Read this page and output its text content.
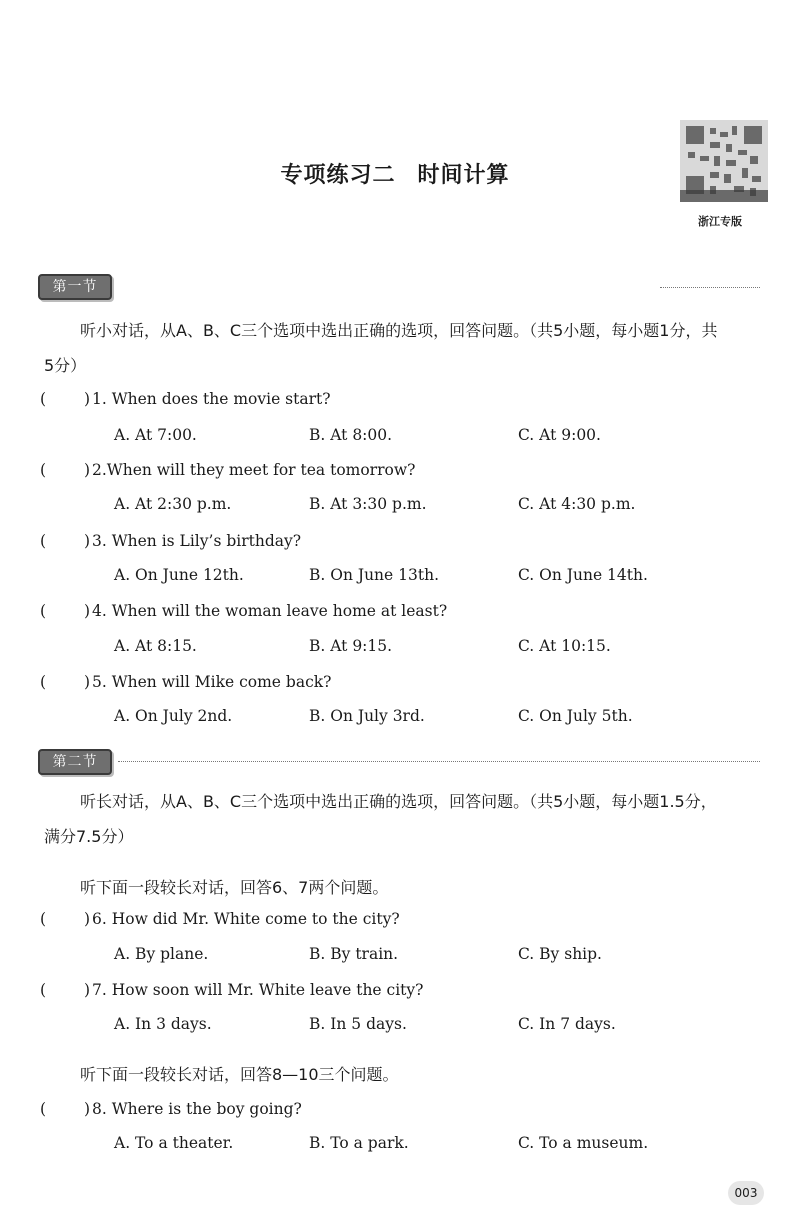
专项练习二 时间计算
浙江专版
第一节
听小对话，从A、B、C三个选项中选出正确的选项，回答问题。（共5小题，每小题1分，共
5分）
( ) 1. When does the movie start?
A. At 7:00.	B. At 8:00.	C. At 9:00.
( ) 2.When will they meet for tea tomorrow?
A. At 2:30 p.m.	B. At 3:30 p.m.	C. At 4:30 p.m.
( ) 3. When is Lily’s birthday?
A. On June 12th.	B. On June 13th.	C. On June 14th.
( ) 4. When will the woman leave home at least?
A. At 8:15.	B. At 9:15.	C. At 10:15.
( ) 5. When will Mike come back?
A. On July 2nd.	B. On July 3rd.	C. On July 5th.
第二节
听长对话，从A、B、C三个选项中选出正确的选项，回答问题。（共5小题，每小题1.5分，
满分7.5分）
听下面一段较长对话，回答6、7两个问题。
( ) 6. How did Mr. White come to the city?
A. By plane.	B. By train.	C. By ship.
( ) 7. How soon will Mr. White leave the city?
A. In 3 days.	B. In 5 days.	C. In 7 days.
听下面一段较长对话，回答8—10三个问题。
( ) 8. Where is the boy going?
A. To a theater.	B. To a park.	C. To a museum.
003
